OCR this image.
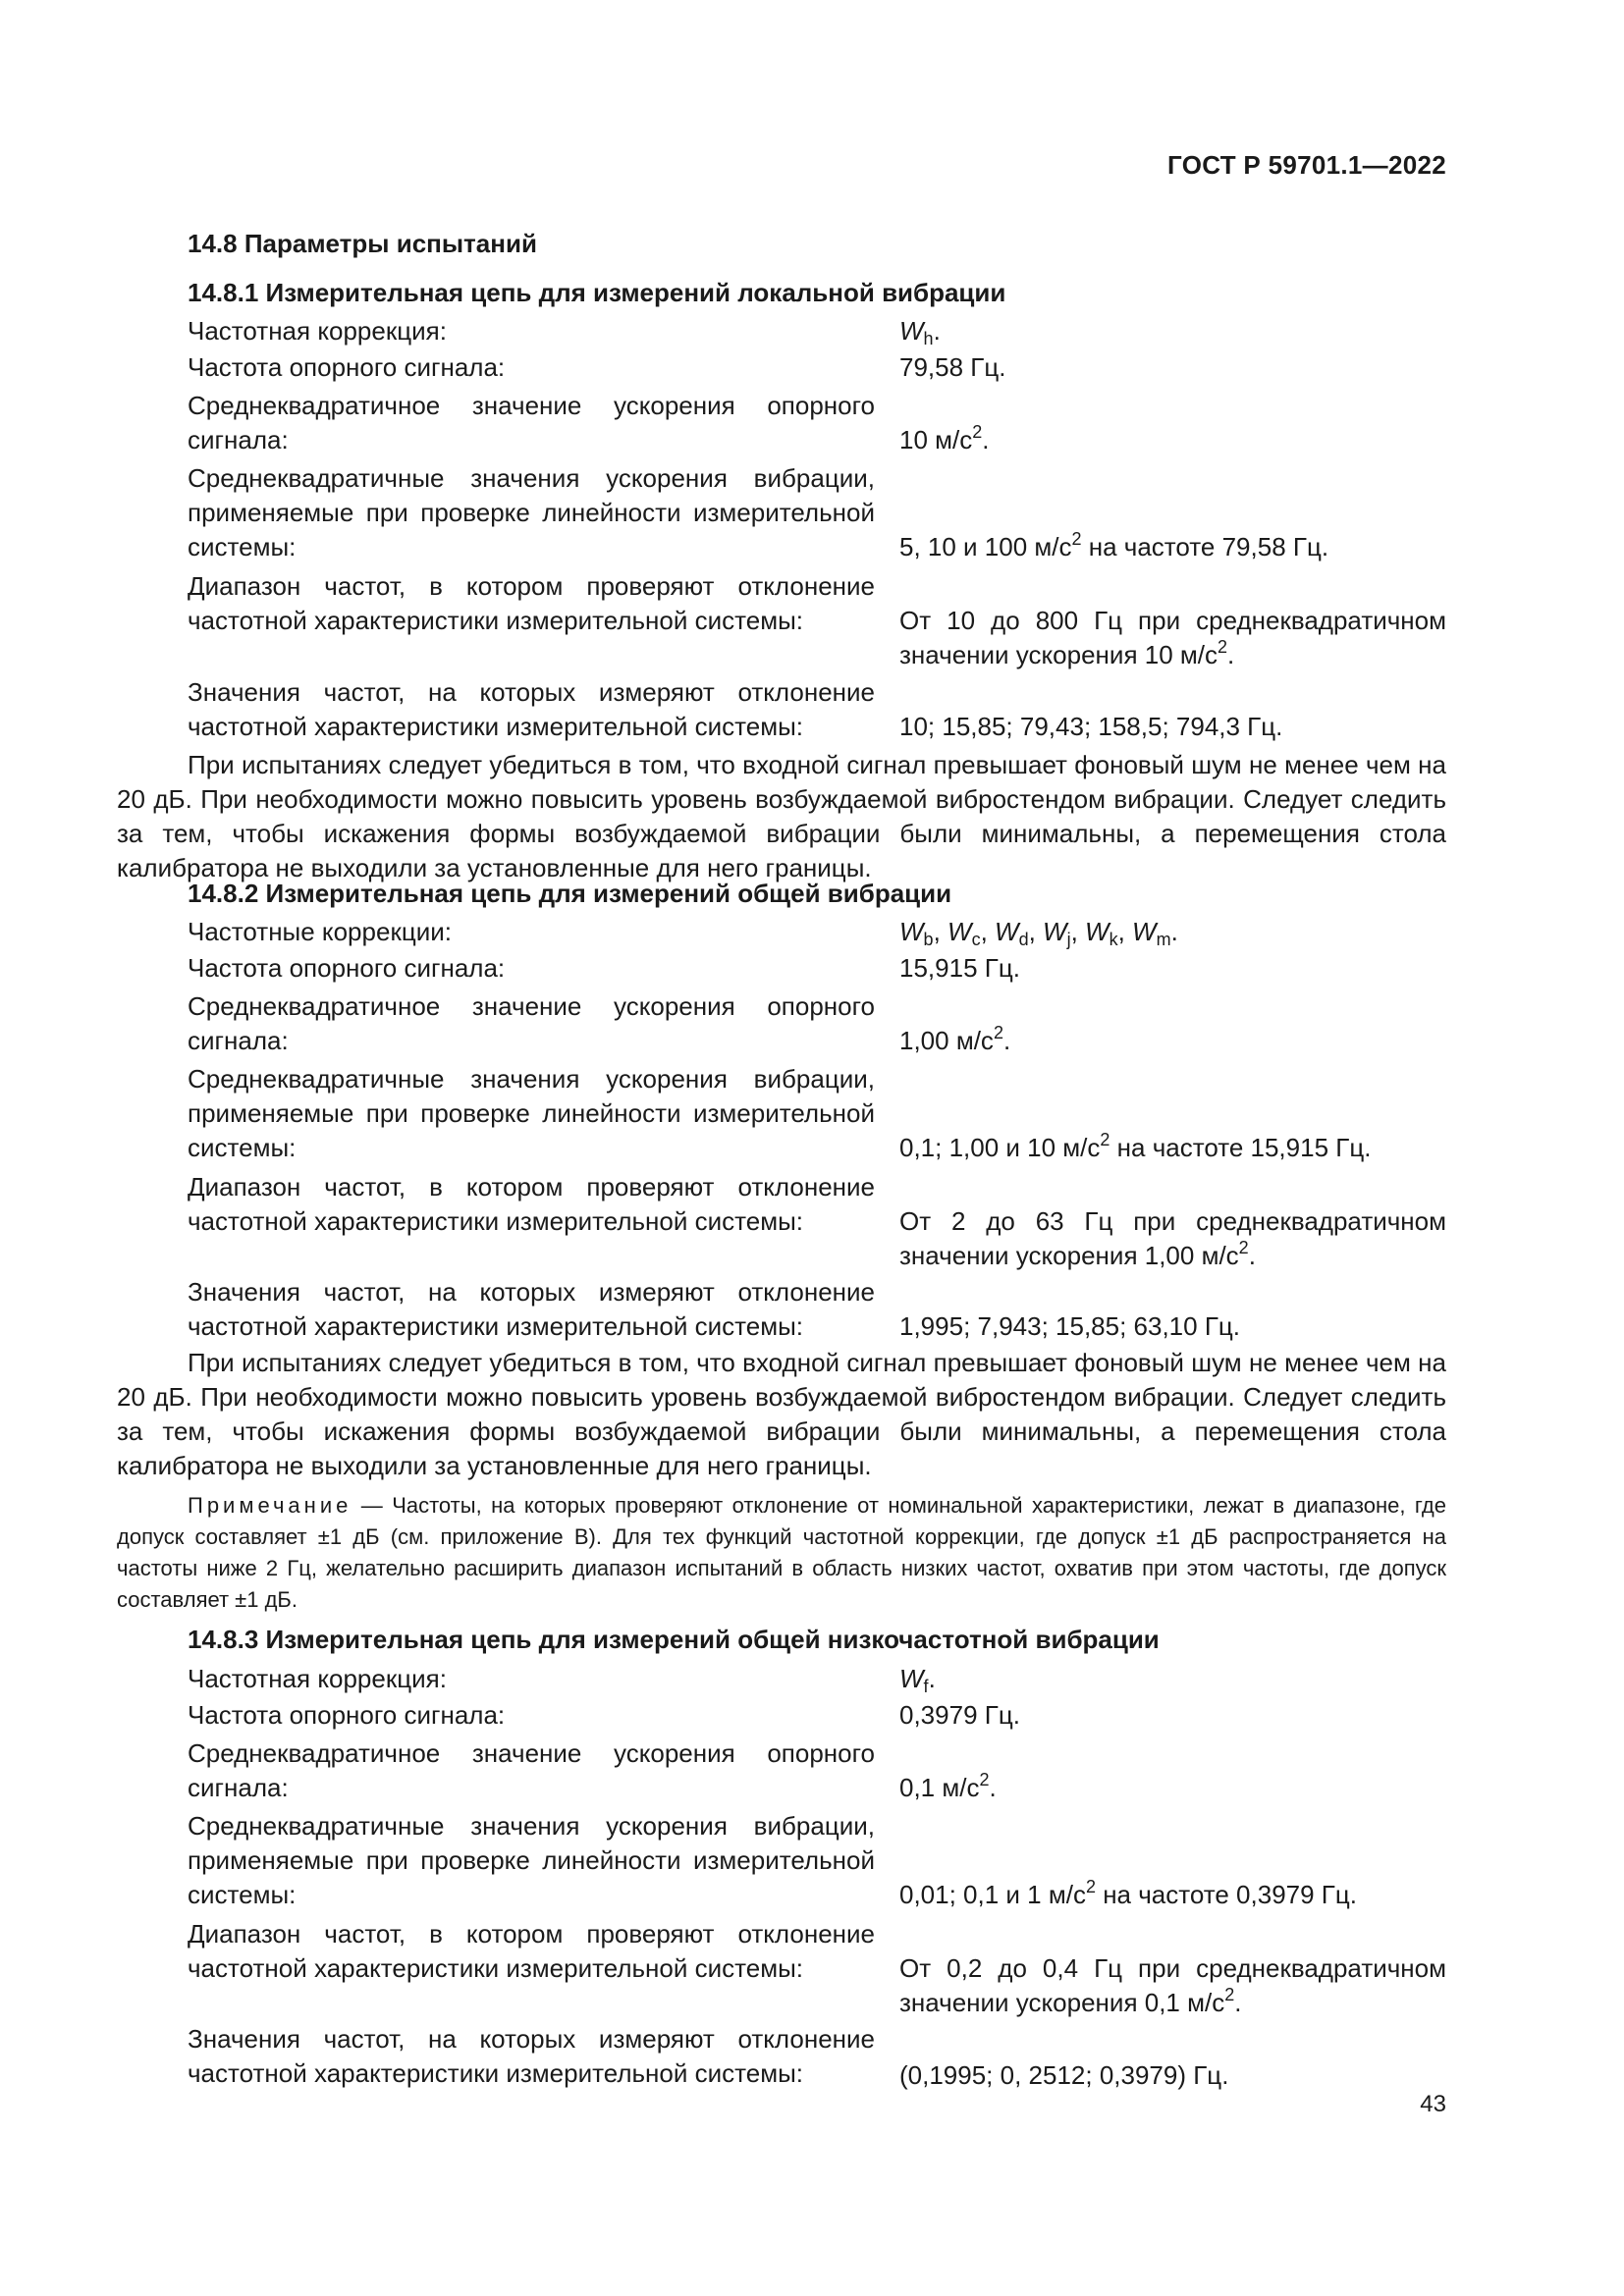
ГОСТ Р 59701.1—2022
14.8 Параметры испытаний
14.8.1 Измерительная цепь для измерений локальной вибрации
Частотная коррекция:	$W_h$.
Частота опорного сигнала:	79,58 Гц.
Среднеквадратичное значение ускорения опорного сигнала:	10 $м/с^2$.
Среднеквадратичные значения ускорения вибрации, применяемые при проверке линейности измерительной системы:	5, 10 и 100 $м/с^2$ на частоте 79,58 Гц.
Диапазон частот, в котором проверяют отклонение частотной характеристики измерительной системы:	От 10 до 800 Гц при среднеквадратичном значении ускорения 10 $м/с^2$.
Значения частот, на которых измеряют отклонение частотной характеристики измерительной системы:	10; 15,85; 79,43; 158,5; 794,3 Гц.
При испытаниях следует убедиться в том, что входной сигнал превышает фоновый шум не менее чем на 20 дБ. При необходимости можно повысить уровень возбуждаемой вибростендом вибрации. Следует следить за тем, чтобы искажения формы возбуждаемой вибрации были минимальны, а перемещения стола калибратора не выходили за установленные для него границы.
14.8.2 Измерительная цепь для измерений общей вибрации
Частотные коррекции:	$W_b$, $W_c$, $W_d$, $W_j$, $W_k$, $W_m$.
Частота опорного сигнала:	15,915 Гц.
Среднеквадратичное значение ускорения опорного сигнала:	1,00 $м/с^2$.
Среднеквадратичные значения ускорения вибрации, применяемые при проверке линейности измерительной системы:	0,1; 1,00 и 10 $м/с^2$ на частоте 15,915 Гц.
Диапазон частот, в котором проверяют отклонение частотной характеристики измерительной системы:	От 2 до 63 Гц при среднеквадратичном значении ускорения 1,00 $м/с^2$.
Значения частот, на которых измеряют отклонение частотной характеристики измерительной системы:	1,995; 7,943; 15,85; 63,10 Гц.
При испытаниях следует убедиться в том, что входной сигнал превышает фоновый шум не менее чем на 20 дБ. При необходимости можно повысить уровень возбуждаемой вибростендом вибрации. Следует следить за тем, чтобы искажения формы возбуждаемой вибрации были минимальны, а перемещения стола калибратора не выходили за установленные для него границы.
Примечание — Частоты, на которых проверяют отклонение от номинальной характеристики, лежат в диапазоне, где допуск составляет ±1 дБ (см. приложение В). Для тех функций частотной коррекции, где допуск ±1 дБ распространяется на частоты ниже 2 Гц, желательно расширить диапазон испытаний в область низких частот, охватив при этом частоты, где допуск составляет ±1 дБ.
14.8.3 Измерительная цепь для измерений общей низкочастотной вибрации
Частотная коррекция:	$W_f$.
Частота опорного сигнала:	0,3979 Гц.
Среднеквадратичное значение ускорения опорного сигнала:	0,1 $м/с^2$.
Среднеквадратичные значения ускорения вибрации, применяемые при проверке линейности измерительной системы:	0,01; 0,1 и 1 $м/с^2$ на частоте 0,3979 Гц.
Диапазон частот, в котором проверяют отклонение частотной характеристики измерительной системы:	От 0,2 до 0,4 Гц при среднеквадратичном значении ускорения 0,1 $м/с^2$.
Значения частот, на которых измеряют отклонение частотной характеристики измерительной системы:	(0,1995; 0, 2512; 0,3979) Гц.
43
